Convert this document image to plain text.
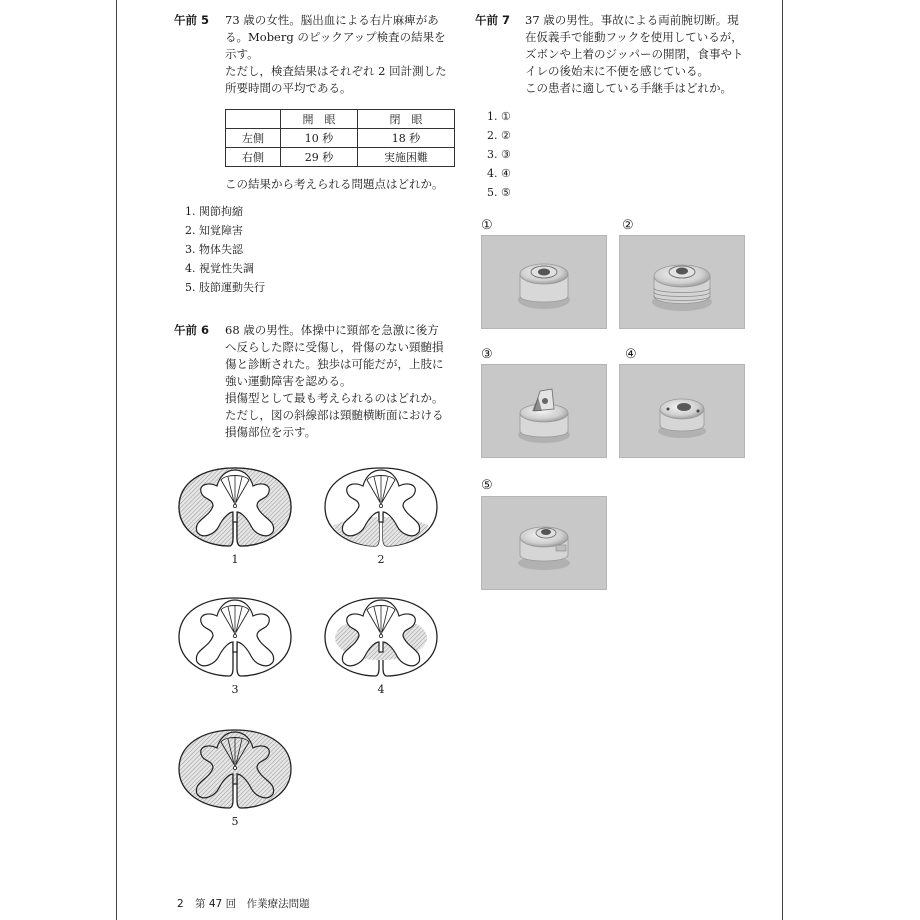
午前 5 73 歳の女性。脳出血による右片麻痺があ

る。Moberg のピックアップ検査の結果を

示す。

ただし，検査結果はそれぞれ 2 回計測した

所要時間の平均である。

	開　眼	閉　眼
左側	10 秒	18 秒
右側	29 秒	実施困難
この結果から考えられる問題点はどれか。
1. 関節拘縮
2. 知覚障害
3. 物体失認
4. 視覚性失調
5. 肢節運動失行
午前 6 68 歳の男性。体操中に頸部を急激に後方

へ反らした際に受傷し，骨傷のない頸髄損

傷と診断された。独歩は可能だが，上肢に

強い運動障害を認める。

損傷型として最も考えられるのはどれか。

ただし，図の斜線部は頸髄横断面における

損傷部位を示す。

1	2
3	4
5
午前 7 37 歳の男性。事故による両前腕切断。現

在仮義手で能動フックを使用しているが，

ズボンや上着のジッパーの開閉，食事やト

イレの後始末に不便を感じている。

この患者に適している手継手はどれか。

1. ①
2. ②
3. ③
4. ④
5. ⑤
①	②
③	④
⑤
2 第 47 回　作業療法問題
